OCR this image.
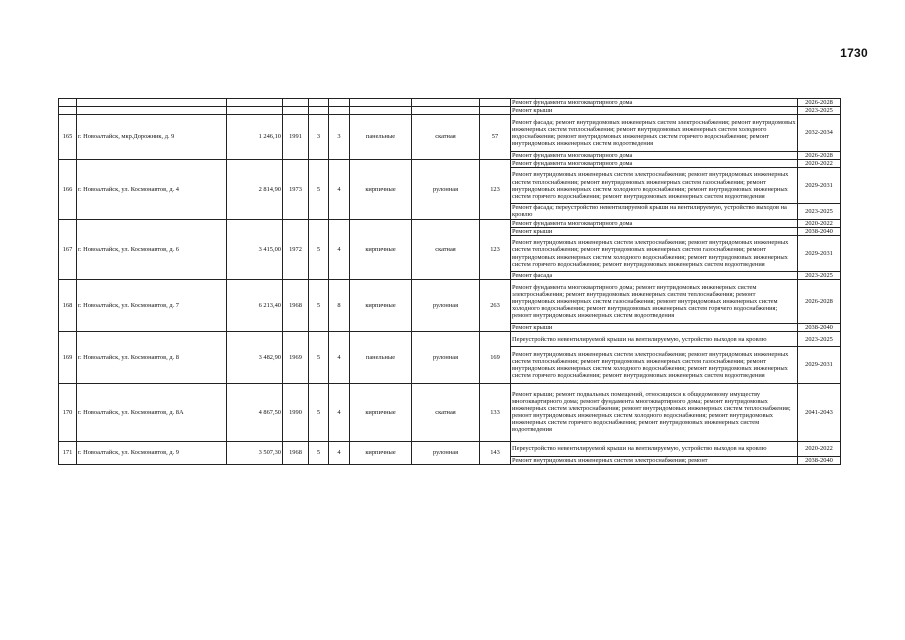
1730
									Ремонт фундамента многоквартирного дома	2026-2028
									Ремонт крыши	2023-2025
165	г. Новоалтайск, мкр.Дорожник, д. 9	1 246,10	1991	3	3	панельные	скатная	57	Ремонт фасада; ремонт внутридомовых инженерных систем электроснабжения; ремонт внутридомовых инженерных систем теплоснабжения; ремонт внутридомовых инженерных систем холодного водоснабжения; ремонт внутридомовых инженерных систем горячего водоснабжения; ремонт внутридомовых инженерных систем водоотведения	2032-2034
									Ремонт фундамента многоквартирного дома	2026-2028
166	г. Новоалтайск, ул. Космонавтов, д. 4	2 814,90	1973	5	4	кирпичные	рулонная	123	Ремонт фундамента многоквартирного дома	2020-2022
									Ремонт внутридомовых инженерных систем электроснабжения; ремонт внутридомовых инженерных систем теплоснабжения; ремонт внутридомовых инженерных систем газоснабжения; ремонт внутридомовых инженерных систем холодного водоснабжения; ремонт внутридомовых инженерных систем горячего водоснабжения; ремонт внутридомовых инженерных систем водоотведения	2029-2031
									Ремонт фасада; переустройство невентилируемой крыши на вентилируемую, устройство выходов на кровлю	2023-2025
167	г. Новоалтайск, ул. Космонавтов, д. 6	3 415,00	1972	5	4	кирпичные	скатная	123	Ремонт фундамента многоквартирного дома	2020-2022
									Ремонт крыши	2038-2040
									Ремонт внутридомовых инженерных систем электроснабжения; ремонт внутридомовых инженерных систем теплоснабжения; ремонт внутридомовых инженерных систем газоснабжения; ремонт внутридомовых инженерных систем холодного водоснабжения; ремонт внутридомовых инженерных систем горячего водоснабжения; ремонт внутридомовых инженерных систем водоотведения	2029-2031
									Ремонт фасада	2023-2025
168	г. Новоалтайск, ул. Космонавтов, д. 7	6 213,40	1968	5	8	кирпичные	рулонная	263	Ремонт фундамента многоквартирного дома; ремонт внутридомовых инженерных систем электроснабжения; ремонт внутридомовых инженерных систем теплоснабжения; ремонт внутридомовых инженерных систем газоснабжения; ремонт внутридомовых инженерных систем холодного водоснабжения; ремонт внутридомовых инженерных систем горячего водоснабжения; ремонт внутридомовых инженерных систем водоотведения	2026-2028
									Ремонт крыши	2038-2040
169	г. Новоалтайск, ул. Космонавтов, д. 8	3 482,90	1969	5	4	панельные	рулонная	169	Переустройство невентилируемой крыши на вентилируемую, устройство выходов на кровлю	2023-2025
									Ремонт внутридомовых инженерных систем электроснабжения; ремонт внутридомовых инженерных систем теплоснабжения; ремонт внутридомовых инженерных систем газоснабжения; ремонт внутридомовых инженерных систем холодного водоснабжения; ремонт внутридомовых инженерных систем горячего водоснабжения; ремонт внутридомовых инженерных систем водоотведения	2029-2031
170	г. Новоалтайск, ул. Космонавтов, д. 8А	4 867,50	1990	5	4	кирпичные	скатная	133	Ремонт крыши; ремонт подвальных помещений, относящихся к общедомовому имуществу многоквартирного дома; ремонт фундамента многоквартирного дома; ремонт внутридомовых инженерных систем электроснабжения; ремонт внутридомовых инженерных систем теплоснабжения; ремонт внутридомовых инженерных систем холодного водоснабжения; ремонт внутридомовых инженерных систем горячего водоснабжения; ремонт внутридомовых инженерных систем водоотведения	2041-2043
171	г. Новоалтайск, ул. Космонавтов, д. 9	3 507,30	1968	5	4	кирпичные	рулонная	143	Переустройство невентилируемой крыши на вентилируемую, устройство выходов на кровлю	2020-2022
									Ремонт внутридомовых инженерных систем электроснабжения; ремонт	2038-2040
